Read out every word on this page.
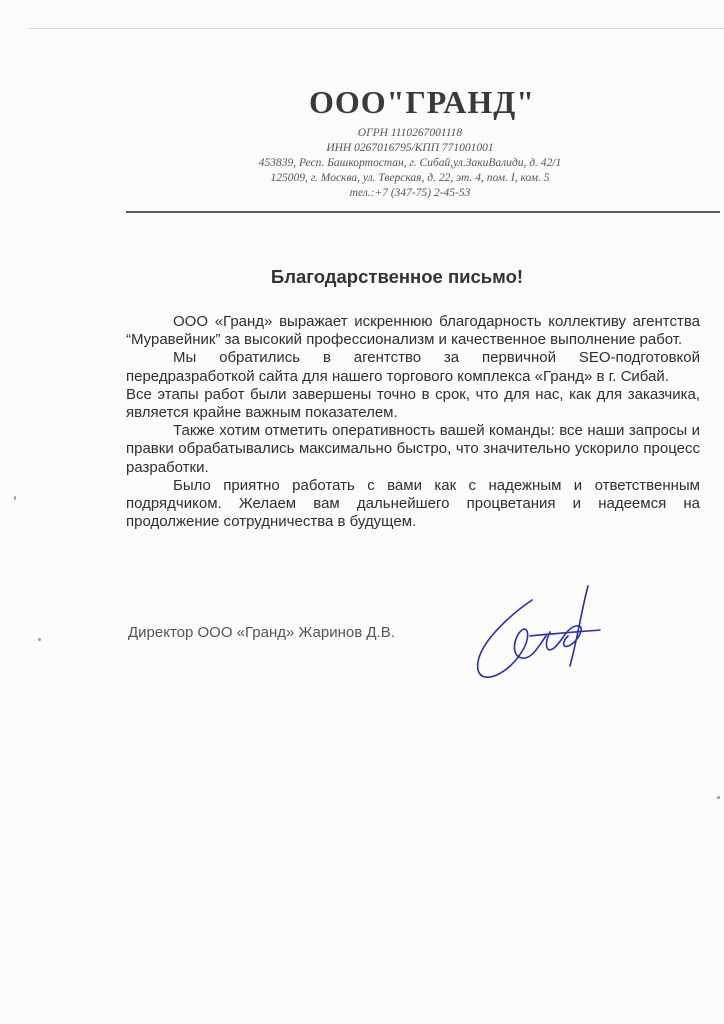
ООО"ГРАНД"
ОГРН 1110267001118
ИНН 0267016795/КПП 771001001
453839, Респ. Башкортостан, г. Сибай,ул.ЗакиВалиди, д. 42/1
125009, г. Москва, ул. Тверская, д. 22, эт. 4, пом. I, ком. 5
тел.:+7 (347-75) 2-45-53
Благодарственное письмо!

ООО «Гранд» выражает искреннюю благодарность коллективу агентства “Муравейник” за высокий профессионализм и качественное выполнение работ.

Мы обратились в агентство за первичной SEO-подготовкой передразработкой сайта для нашего торгового комплекса «Гранд» в г. Сибай.

Все этапы работ были завершены точно в срок, что для нас, как для заказчика, является крайне важным показателем.

Также хотим отметить оперативность вашей команды: все наши запросы и правки обрабатывались максимально быстро, что значительно ускорило процесс разработки.

Было приятно работать с вами как с надежным и ответственным подрядчиком. Желаем вам дальнейшего процветания и надеемся на продолжение сотрудничества в будущем.

Директор ООО «Гранд» Жаринов Д.В.
